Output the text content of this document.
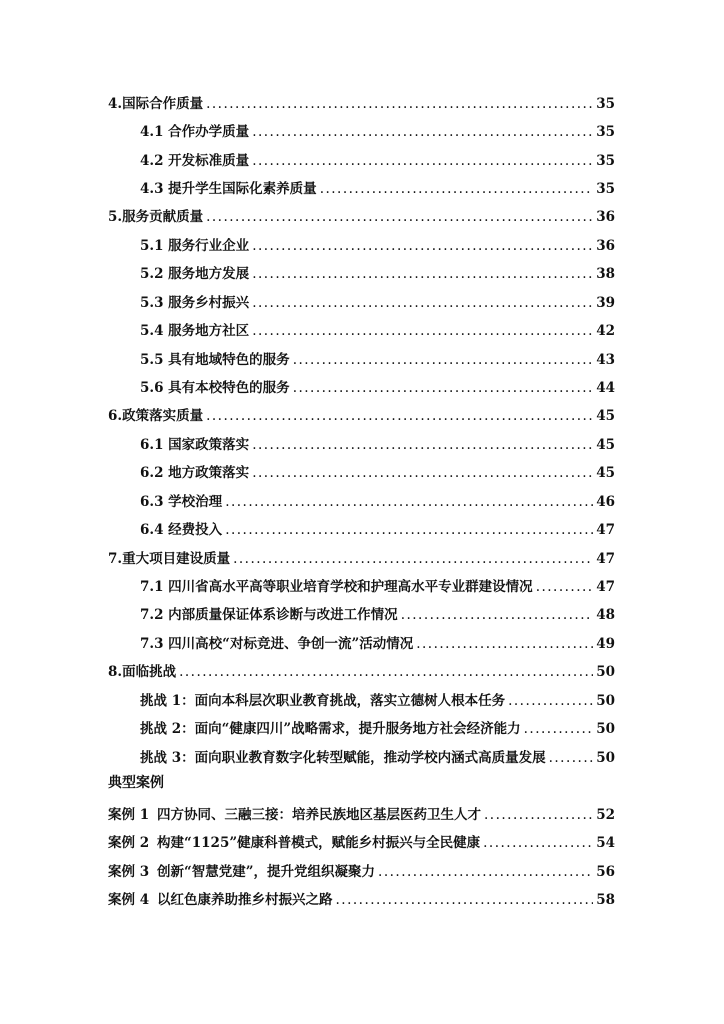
4.国际合作质量 .....	35
4.1 合作办学质量 .....	35
4.2 开发标准质量 .....	35
4.3 提升学生国际化素养质量 .....	35
5.服务贡献质量 .....	36
5.1 服务行业企业 .....	36
5.2 服务地方发展 .....	38
5.3 服务乡村振兴 .....	39
5.4 服务地方社区 .....	42
5.5 具有地域特色的服务 .....	43
5.6 具有本校特色的服务 .....	44
6.政策落实质量 .....	45
6.1 国家政策落实 .....	45
6.2 地方政策落实 .....	45
6.3 学校治理 .....	46
6.4 经费投入 .....	47
7.重大项目建设质量 .....	47
7.1 四川省高水平高等职业培育学校和护理高水平专业群建设情况 .....	47
7.2 内部质量保证体系诊断与改进工作情况 .....	48
7.3 四川高校“对标竞进、争创一流”活动情况 .....	49
8.面临挑战 .....	50
挑战 1：面向本科层次职业教育挑战，落实立德树人根本任务 .....	50
挑战 2：面向“健康四川”战略需求，提升服务地方社会经济能力 .....	50
挑战 3：面向职业教育数字化转型赋能，推动学校内涵式高质量发展 .....	50
典型案例
案例 1 四方协同、三融三接：培养民族地区基层医药卫生人才 .....	52
案例 2 构建“1125”健康科普模式，赋能乡村振兴与全民健康 .....	54
案例 3 创新“智慧党建”，提升党组织凝聚力 .....	56
案例 4 以红色康养助推乡村振兴之路 .....	58
